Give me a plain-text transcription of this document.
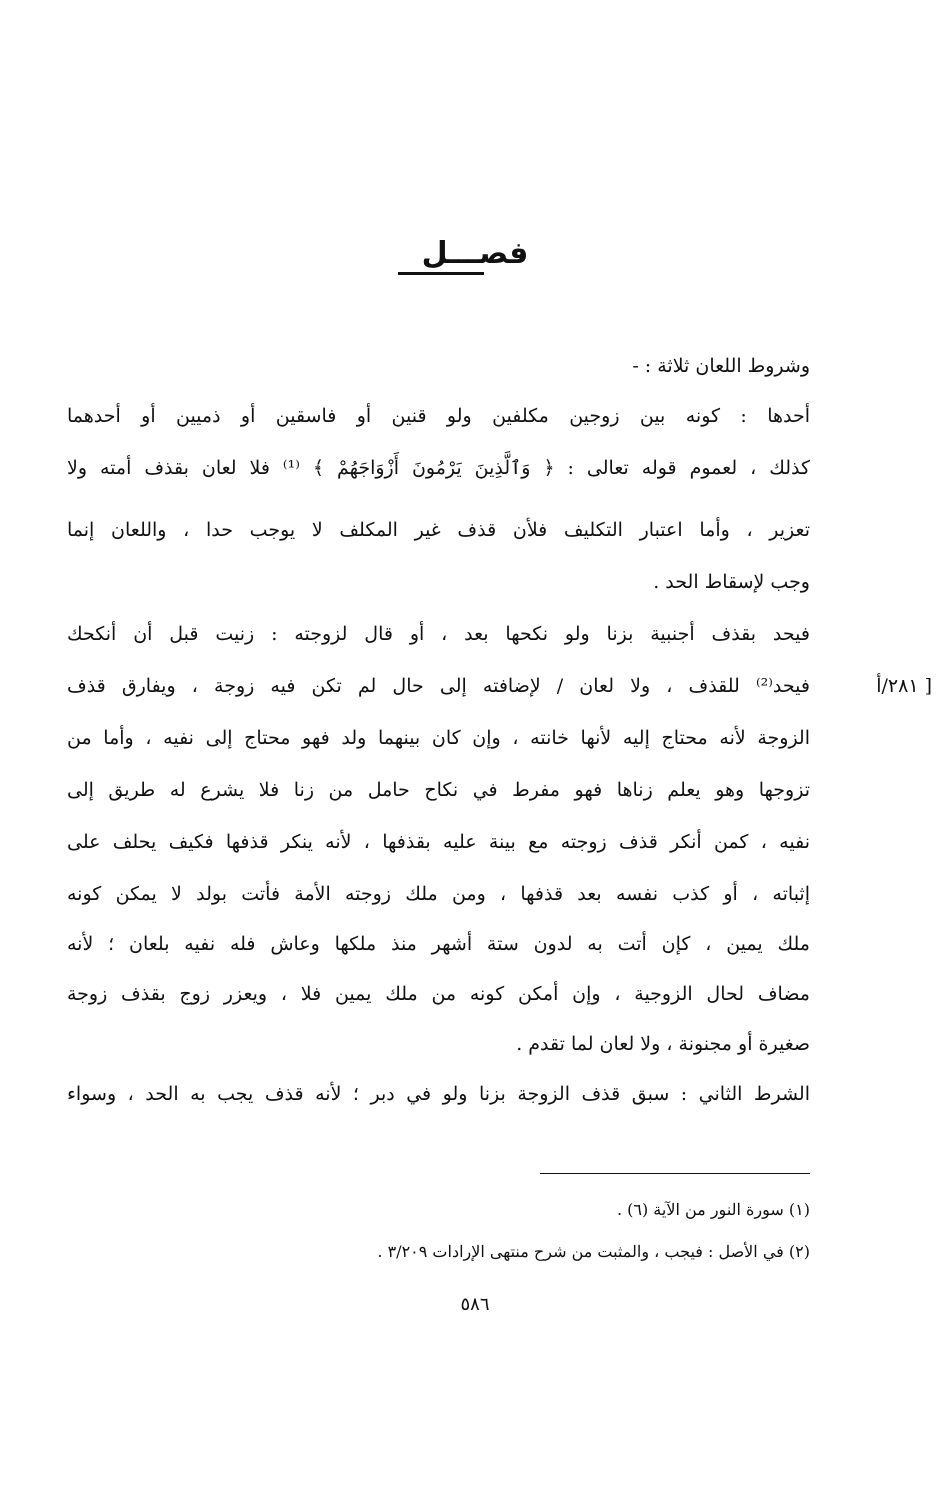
فصـــل
وشروط اللعان ثلاثة : -
أحدها : كونه بين زوجين مكلفين ولو قنين أو فاسقين أو ذميين أو أحدهما
كذلك ، لعموم قوله تعالى : ﴿ وَٱلَّذِينَ يَرْمُونَ أَزْوَاجَهُمْ ﴾ ⁽¹⁾ فلا لعان بقذف أمته ولا
تعزير ، وأما اعتبار التكليف فلأن قذف غير المكلف لا يوجب حدا ، واللعان إنما
وجب لإسقاط الحد .
فيحد بقذف أجنبية بزنا ولو نكحها بعد ، أو قال لزوجته : زنيت قبل أن أنكحك
فيحد⁽²⁾ للقذف ، ولا لعان / لإضافته إلى حال لم تكن فيه زوجة ، ويفارق قذف
الزوجة لأنه محتاج إليه لأنها خانته ، وإن كان بينهما ولد فهو محتاج إلى نفيه ، وأما من
تزوجها وهو يعلم زناها فهو مفرط في نكاح حامل من زنا فلا يشرع له طريق إلى
نفيه ، كمن أنكر قذف زوجته مع بينة عليه بقذفها ، لأنه ينكر قذفها فكيف يحلف على
إثباته ، أو كذب نفسه بعد قذفها ، ومن ملك زوجته الأمة فأتت بولد لا يمكن كونه
ملك يمين ، كإن أتت به لدون ستة أشهر منذ ملكها وعاش فله نفيه بلعان ؛ لأنه
مضاف لحال الزوجية ، وإن أمكن كونه من ملك يمين فلا ، ويعزر زوج بقذف زوجة
صغيرة أو مجنونة ، ولا لعان لما تقدم .
الشرط الثاني : سبق قذف الزوجة بزنا ولو في دبر ؛ لأنه قذف يجب به الحد ، وسواء
[ ٢٨١/أ
(١) سورة النور من الآية (٦) .
(٢) في الأصل : فيجب ، والمثبت من شرح منتهى الإرادات ٣/٢٠٩ .
٥٨٦
